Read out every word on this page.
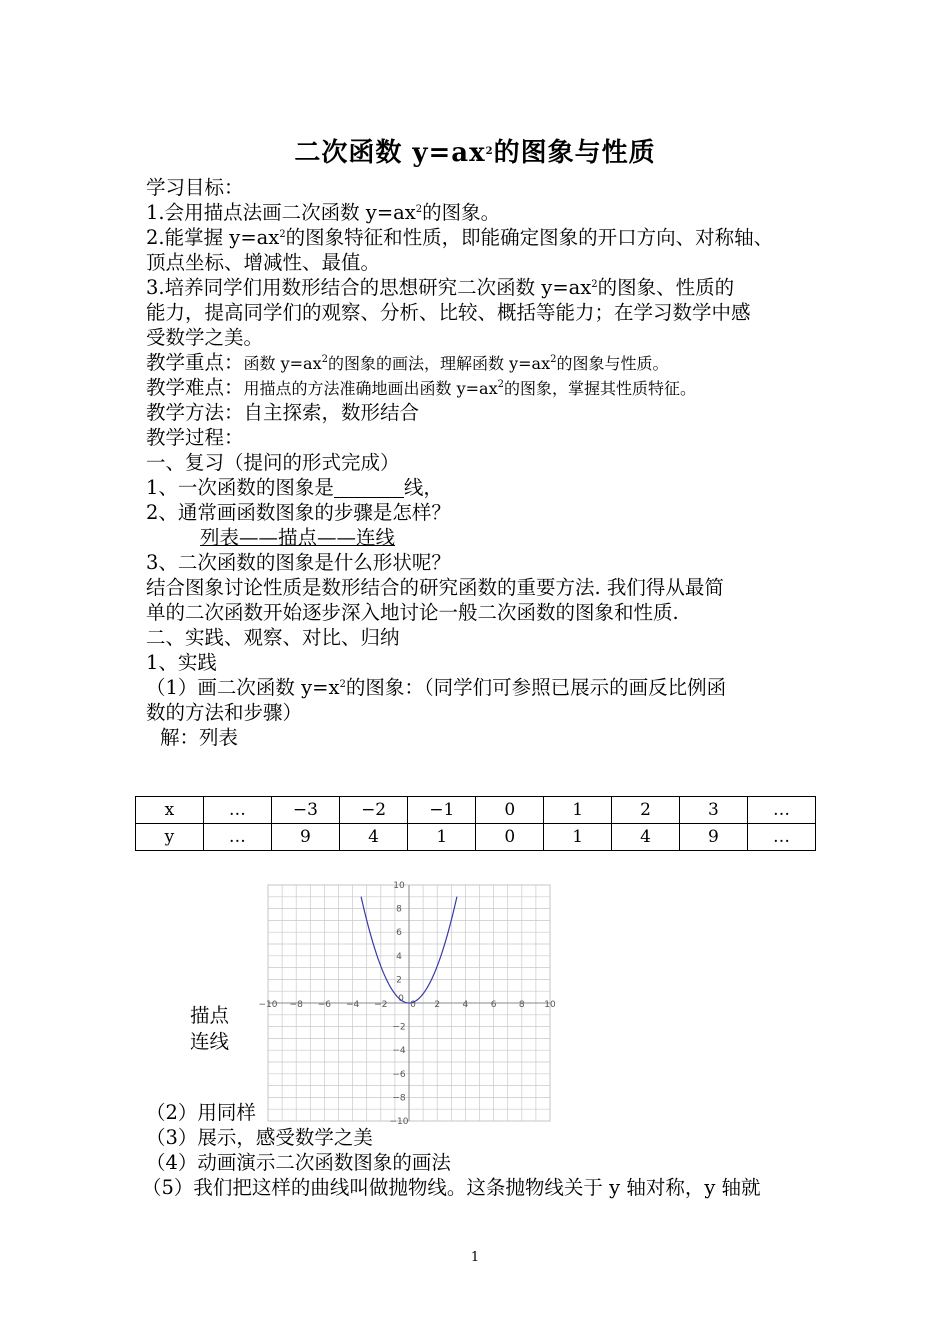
二次函数 $y=ax^2$的图象与性质
学习目标：
1.会用描点法画二次函数 $y=ax^2$的图象。
2.能掌握 $y=ax^2$的图象特征和性质，即能确定图象的开口方向、对称轴、
顶点坐标、增减性、最值。
3.培养同学们用数形结合的思想研究二次函数 $y=ax^2$的图象、性质的
能力，提高同学们的观察、分析、比较、概括等能力；在学习数学中感
受数学之美。
教学重点：函数 $y=ax^2$的图象的画法，理解函数 $y=ax^2$的图象与性质。
教学难点：用描点的方法准确地画出函数 $y=ax^2$的图象，掌握其性质特征。
教学方法：自主探索，数形结合
教学过程：
一、复习（提问的形式完成）
1、一次函数的图象是	线，
2、通常画函数图象的步骤是怎样？
列表——描点——连线
3、二次函数的图象是什么形状呢？
结合图象讨论性质是数形结合的研究函数的重要方法. 我们得从最简
单的二次函数开始逐步深入地讨论一般二次函数的图象和性质.
二、实践、观察、对比、归纳
1、实践
（1）画二次函数 $y=x^2$的图象：（同学们可参照已展示的画反比例函
数的方法和步骤）
解：列表
x	…	−3	−2	−1	0	1	2	3	…
y	…	9	4	1	0	1	4	9	…
描点
连线
（2）用同样
−10 −8 −6 −4 −2	0 2 4 6 8 10
10
8
6
4
2
0
−2
−4
−6
−8
−10
（3）展示，感受数学之美
（4）动画演示二次函数图象的画法
（5）我们把这样的曲线叫做抛物线。这条抛物线关于 y 轴对称，y 轴就
1
